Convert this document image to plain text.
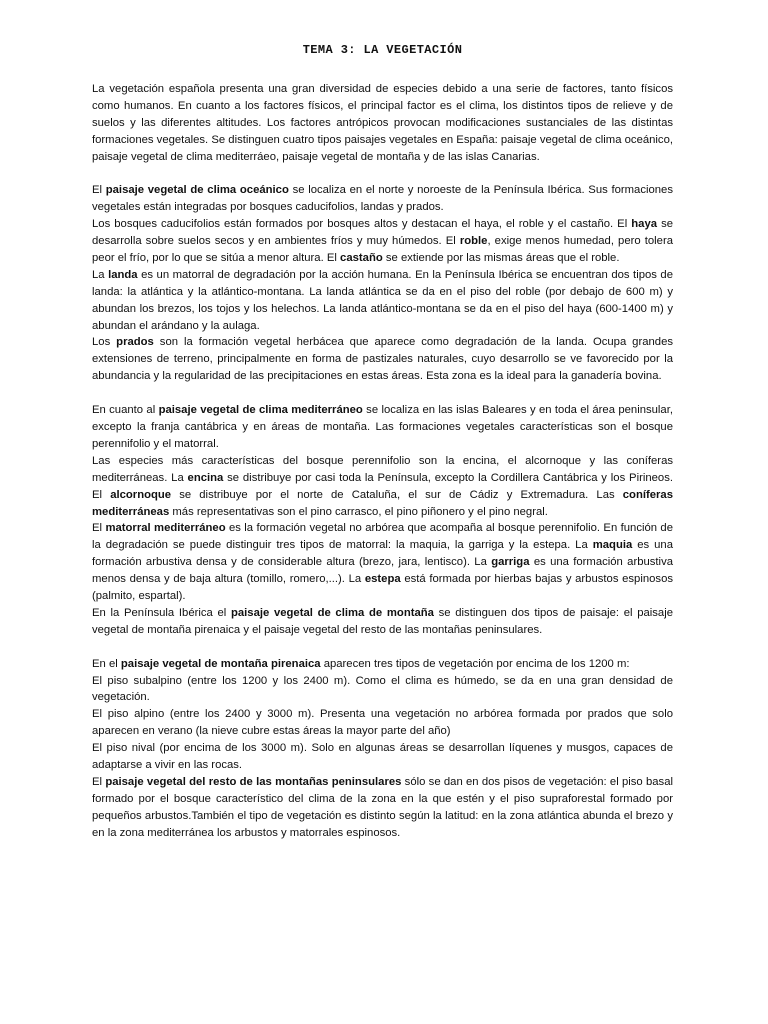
TEMA 3: LA VEGETACIÓN

La vegetación española presenta una gran diversidad de especies debido a una serie de factores, tanto físicos como humanos. En cuanto a los factores físicos, el principal factor es el clima, los distintos tipos de relieve y de suelos y las diferentes altitudes. Los factores antrópicos provocan modificaciones sustanciales de las distintas formaciones vegetales. Se distinguen cuatro tipos paisajes vegetales en España: paisaje vegetal de clima oceánico, paisaje vegetal de clima mediterráeo, paisaje vegetal de montaña y de las islas Canarias.

El paisaje vegetal de clima oceánico se localiza en el norte y noroeste de la Península Ibérica. Sus formaciones vegetales están integradas por bosques caducifolios, landas y prados.

Los bosques caducifolios están formados por bosques altos y destacan el haya, el roble y el castaño. El haya se desarrolla sobre suelos secos y en ambientes fríos y muy húmedos. El roble, exige menos humedad, pero tolera peor el frío, por lo que se sitúa a menor altura. El castaño se extiende por las mismas áreas que el roble.

La landa es un matorral de degradación por la acción humana. En la Península Ibérica se encuentran dos tipos de landa: la atlántica y la atlántico-montana. La landa atlántica se da en el piso del roble (por debajo de 600 m) y abundan los brezos, los tojos y los helechos. La landa atlántico-montana se da en el piso del haya (600-1400 m) y abundan el arándano y la aulaga.

Los prados son la formación vegetal herbácea que aparece como degradación de la landa. Ocupa grandes extensiones de terreno, principalmente en forma de pastizales naturales, cuyo desarrollo se ve favorecido por la abundancia y la regularidad de las precipitaciones en estas áreas. Esta zona es la ideal para la ganadería bovina.

En cuanto al paisaje vegetal de clima mediterráneo se localiza en las islas Baleares y en toda el área peninsular, excepto la franja cantábrica y en áreas de montaña. Las formaciones vegetales características son el bosque perennifolio y el matorral.

Las especies más características del bosque perennifolio son la encina, el alcornoque y las coníferas mediterráneas. La encina se distribuye por casi toda la Península, excepto la Cordillera Cantábrica y los Pirineos. El alcornoque se distribuye por el norte de Cataluña, el sur de Cádiz y Extremadura. Las coníferas mediterráneas más representativas son el pino carrasco, el pino piñonero y el pino negral.

El matorral mediterráneo es la formación vegetal no arbórea que acompaña al bosque perennifolio. En función de la degradación se puede distinguir tres tipos de matorral: la maquia, la garriga y la estepa. La maquia es una formación arbustiva densa y de considerable altura (brezo, jara, lentisco). La garriga es una formación arbustiva menos densa y de baja altura (tomillo, romero,...). La estepa está formada por hierbas bajas y arbustos espinosos (palmito, espartal).

En la Península Ibérica el paisaje vegetal de clima de montaña se distinguen dos tipos de paisaje: el paisaje vegetal de montaña pirenaica y el paisaje vegetal del resto de las montañas peninsulares.

En el paisaje vegetal de montaña pirenaica aparecen tres tipos de vegetación por encima de los 1200 m:

El piso subalpino (entre los 1200 y los 2400 m). Como el clima es húmedo, se da en una gran densidad de vegetación.

El piso alpino (entre los 2400 y 3000 m). Presenta una vegetación no arbórea formada por prados que solo aparecen en verano (la nieve cubre estas áreas la mayor parte del año)

El piso nival (por encima de los 3000 m). Solo en algunas áreas se desarrollan líquenes y musgos, capaces de adaptarse a vivir en las rocas.

El paisaje vegetal del resto de las montañas peninsulares sólo se dan en dos pisos de vegetación: el piso basal formado por el bosque característico del clima de la zona en la que estén y el piso supraforestal formado por pequeños arbustos.También el tipo de vegetación es distinto según la latitud: en la zona atlántica abunda el brezo y en la zona mediterránea los arbustos y matorrales espinosos.
